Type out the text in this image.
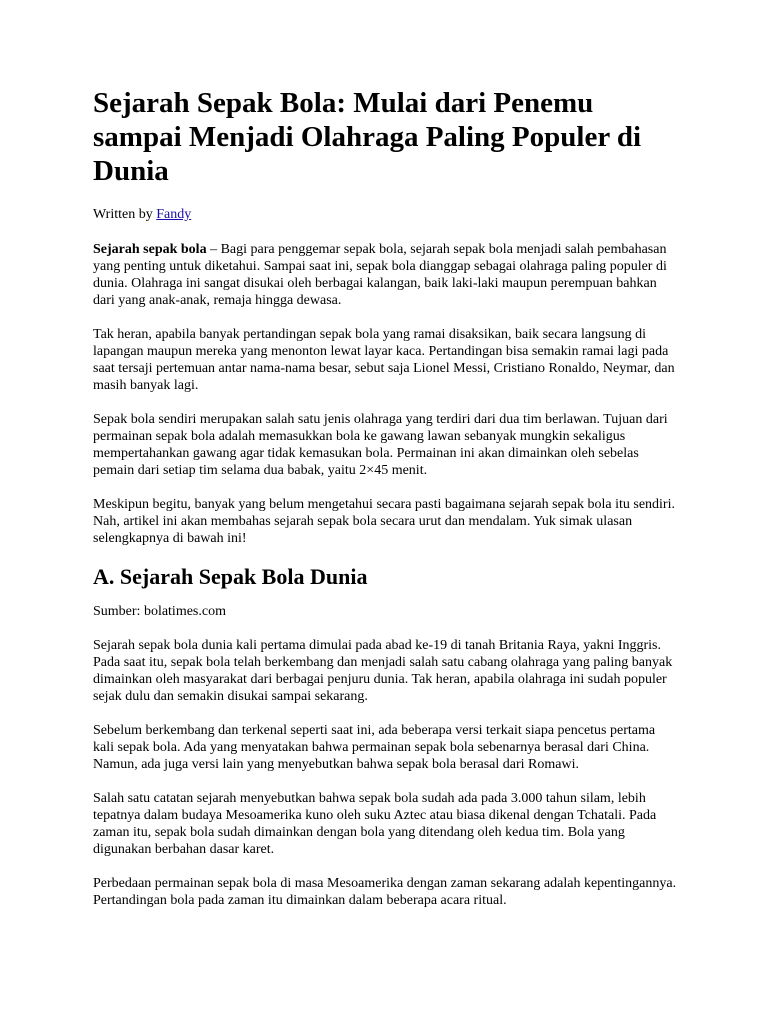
Sejarah Sepak Bola: Mulai dari Penemu sampai Menjadi Olahraga Paling Populer di Dunia
Written by Fandy

Sejarah sepak bola – Bagi para penggemar sepak bola, sejarah sepak bola menjadi salah pembahasan yang penting untuk diketahui. Sampai saat ini, sepak bola dianggap sebagai olahraga paling populer di dunia. Olahraga ini sangat disukai oleh berbagai kalangan, baik laki-laki maupun perempuan bahkan dari yang anak-anak, remaja hingga dewasa.

Tak heran, apabila banyak pertandingan sepak bola yang ramai disaksikan, baik secara langsung di lapangan maupun mereka yang menonton lewat layar kaca. Pertandingan bisa semakin ramai lagi pada saat tersaji pertemuan antar nama-nama besar, sebut saja Lionel Messi, Cristiano Ronaldo, Neymar, dan masih banyak lagi.

Sepak bola sendiri merupakan salah satu jenis olahraga yang terdiri dari dua tim berlawan. Tujuan dari permainan sepak bola adalah memasukkan bola ke gawang lawan sebanyak mungkin sekaligus mempertahankan gawang agar tidak kemasukan bola. Permainan ini akan dimainkan oleh sebelas pemain dari setiap tim selama dua babak, yaitu 2×45 menit.

Meskipun begitu, banyak yang belum mengetahui secara pasti bagaimana sejarah sepak bola itu sendiri. Nah, artikel ini akan membahas sejarah sepak bola secara urut dan mendalam. Yuk simak ulasan selengkapnya di bawah ini!

A. Sejarah Sepak Bola Dunia

Sumber: bolatimes.com

Sejarah sepak bola dunia kali pertama dimulai pada abad ke-19 di tanah Britania Raya, yakni Inggris. Pada saat itu, sepak bola telah berkembang dan menjadi salah satu cabang olahraga yang paling banyak dimainkan oleh masyarakat dari berbagai penjuru dunia. Tak heran, apabila olahraga ini sudah populer sejak dulu dan semakin disukai sampai sekarang.

Sebelum berkembang dan terkenal seperti saat ini, ada beberapa versi terkait siapa pencetus pertama kali sepak bola. Ada yang menyatakan bahwa permainan sepak bola sebenarnya berasal dari China. Namun, ada juga versi lain yang menyebutkan bahwa sepak bola berasal dari Romawi.

Salah satu catatan sejarah menyebutkan bahwa sepak bola sudah ada pada 3.000 tahun silam, lebih tepatnya dalam budaya Mesoamerika kuno oleh suku Aztec atau biasa dikenal dengan Tchatali. Pada zaman itu, sepak bola sudah dimainkan dengan bola yang ditendang oleh kedua tim. Bola yang digunakan berbahan dasar karet.

Perbedaan permainan sepak bola di masa Mesoamerika dengan zaman sekarang adalah kepentingannya. Pertandingan bola pada zaman itu dimainkan dalam beberapa acara ritual.
